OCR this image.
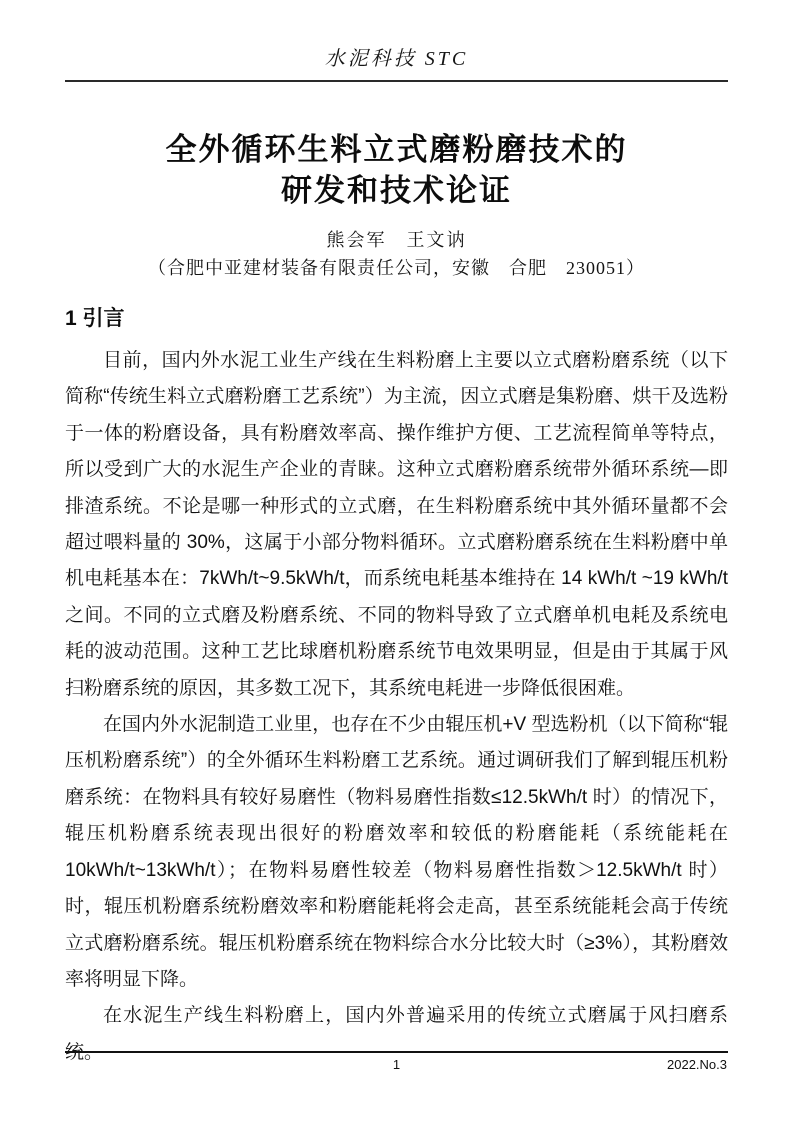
水泥科技 STC
全外循环生料立式磨粉磨技术的
研发和技术论证
熊会军　王文讷
（合肥中亚建材装备有限责任公司，安徽　合肥　230051）
1 引言

目前，国内外水泥工业生产线在生料粉磨上主要以立式磨粉磨系统（以下简称“传统生料立式磨粉磨工艺系统”）为主流，因立式磨是集粉磨、烘干及选粉于一体的粉磨设备，具有粉磨效率高、操作维护方便、工艺流程简单等特点，所以受到广大的水泥生产企业的青睐。这种立式磨粉磨系统带外循环系统—即排渣系统。不论是哪一种形式的立式磨，在生料粉磨系统中其外循环量都不会超过喂料量的 30%，这属于小部分物料循环。立式磨粉磨系统在生料粉磨中单机电耗基本在：7kWh/t~9.5kWh/t，而系统电耗基本维持在 14 kWh/t ~19 kWh/t 之间。不同的立式磨及粉磨系统、不同的物料导致了立式磨单机电耗及系统电耗的波动范围。这种工艺比球磨机粉磨系统节电效果明显，但是由于其属于风扫粉磨系统的原因，其多数工况下，其系统电耗进一步降低很困难。

在国内外水泥制造工业里，也存在不少由辊压机+V 型选粉机（以下简称“辊压机粉磨系统”）的全外循环生料粉磨工艺系统。通过调研我们了解到辊压机粉磨系统：在物料具有较好易磨性（物料易磨性指数≤12.5kWh/t 时）的情况下，辊压机粉磨系统表现出很好的粉磨效率和较低的粉磨能耗（系统能耗在10kWh/t~13kWh/t）；在物料易磨性较差（物料易磨性指数＞12.5kWh/t 时）时，辊压机粉磨系统粉磨效率和粉磨能耗将会走高，甚至系统能耗会高于传统立式磨粉磨系统。辊压机粉磨系统在物料综合水分比较大时（≥3%），其粉磨效率将明显下降。

在水泥生产线生料粉磨上，国内外普遍采用的传统立式磨属于风扫磨系统。

1	2022.No.3
